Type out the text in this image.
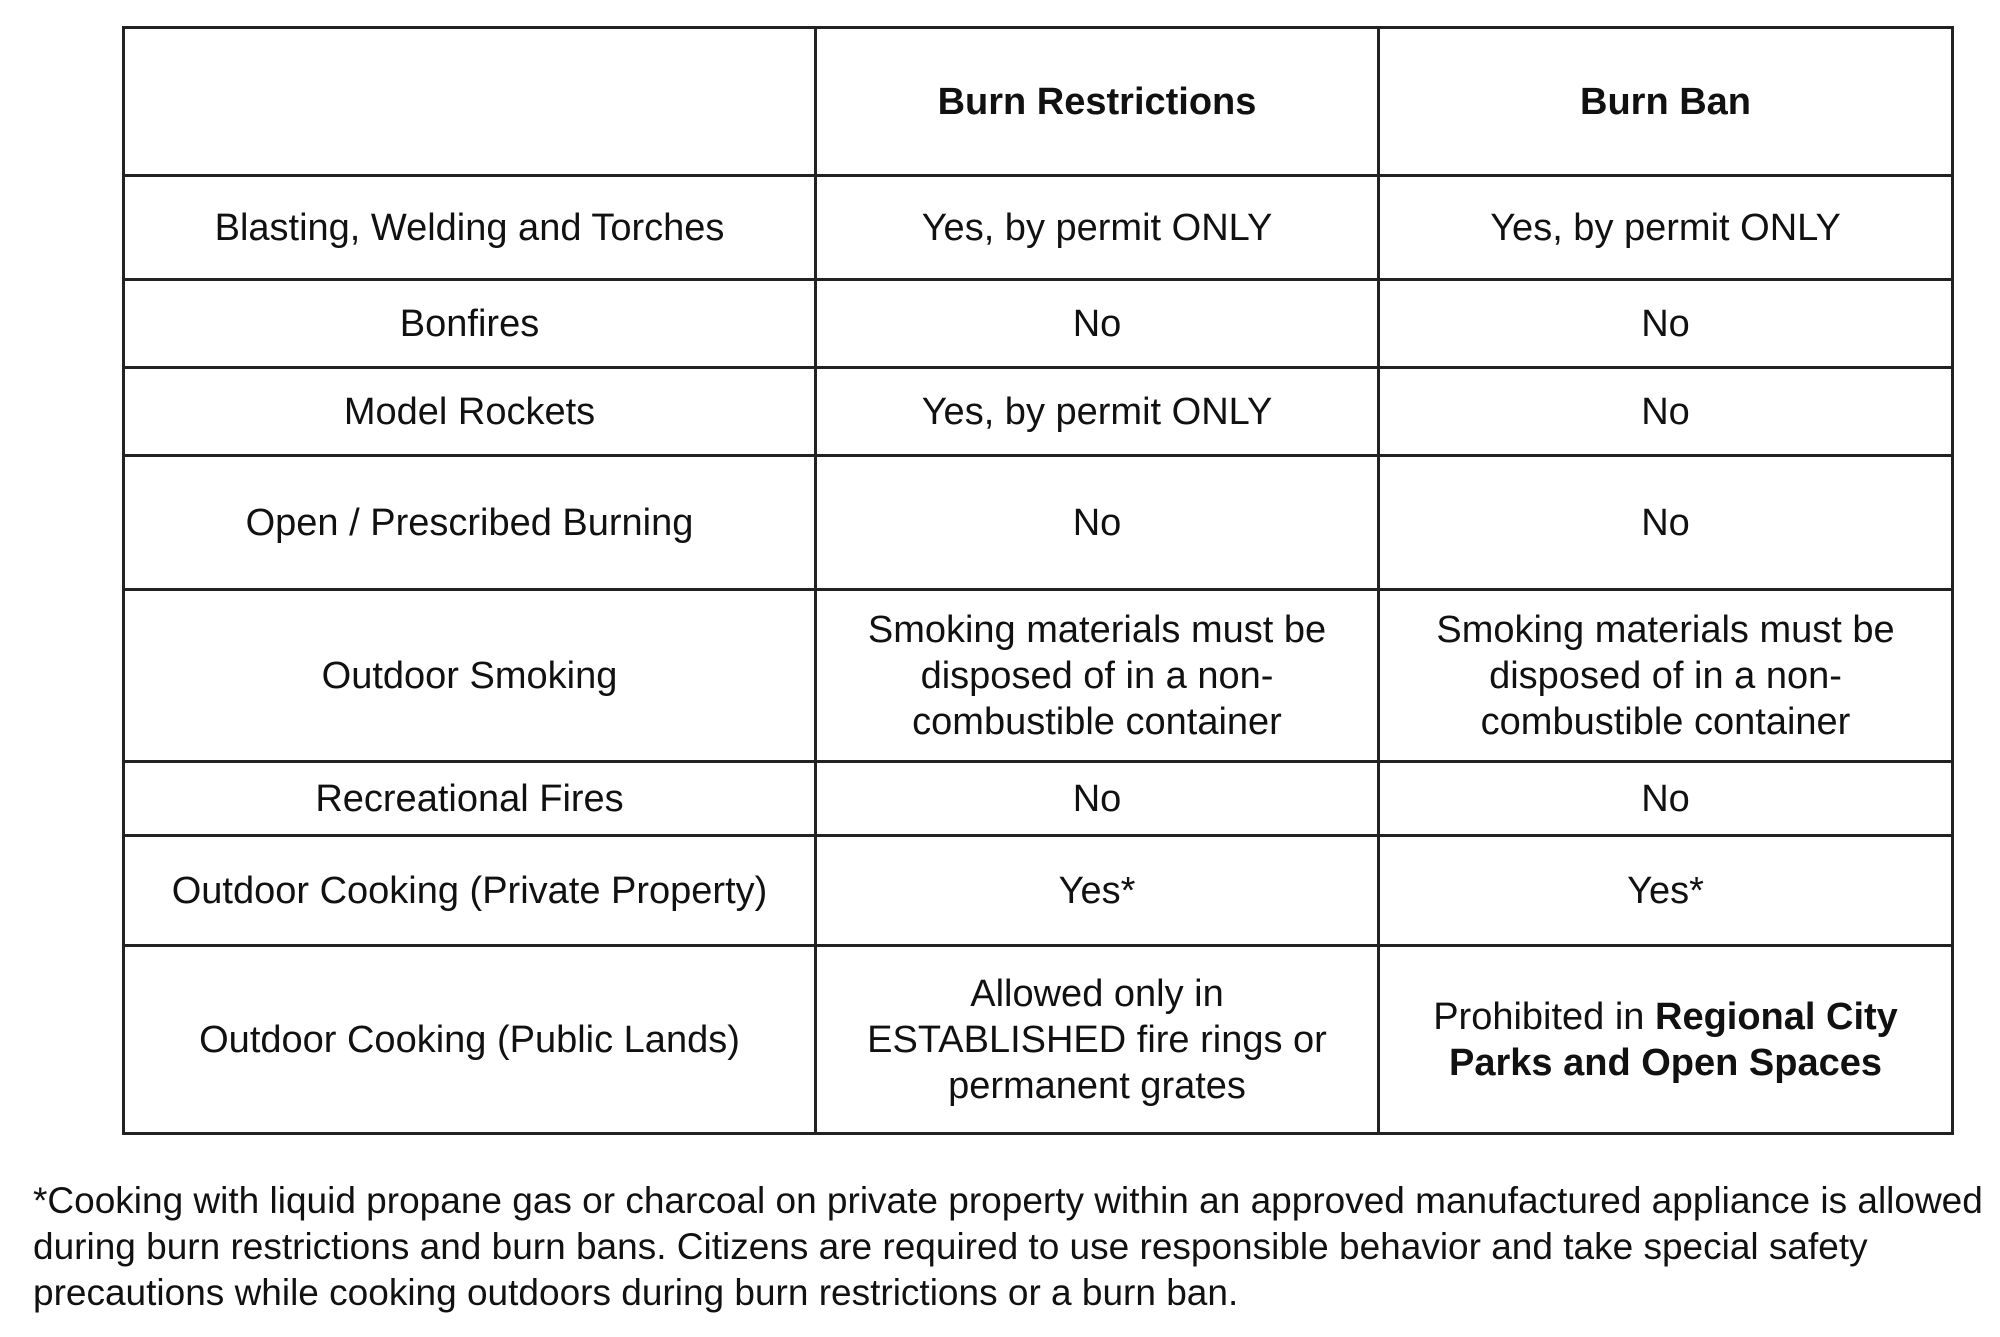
	Burn Restrictions	Burn Ban
Blasting, Welding and Torches	Yes, by permit ONLY	Yes, by permit ONLY
Bonfires	No	No
Model Rockets	Yes, by permit ONLY	No
Open / Prescribed Burning	No	No
Outdoor Smoking	Smoking materials must be disposed of in a non-combustible container	Smoking materials must be disposed of in a non-combustible container
Recreational Fires	No	No
Outdoor Cooking (Private Property)	Yes*	Yes*
Outdoor Cooking (Public Lands)	Allowed only in ESTABLISHED fire rings or permanent grates	Prohibited in Regional City Parks and Open Spaces
*Cooking with liquid propane gas or charcoal on private property within an approved manufactured appliance is allowed during burn restrictions and burn bans. Citizens are required to use responsible behavior and take special safety precautions while cooking outdoors during burn restrictions or a burn ban.
